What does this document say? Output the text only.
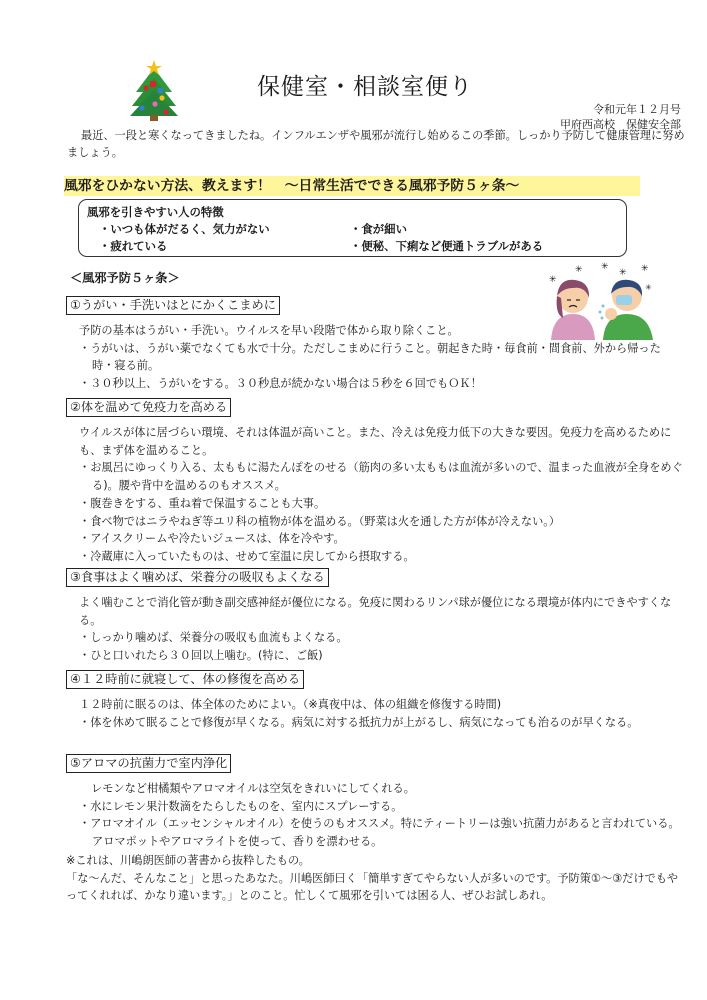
保健室・相談室便り
令和元年１２月号
甲府西高校　保健安全部
最近、一段と寒くなってきましたね。インフルエンザや風邪が流行し始めるこの季節。しっかり予防して健康管理に努めましょう。
風邪をひかない方法、教えます！　～日常生活でできる風邪予防５ヶ条～
風邪を引きやすい人の特徴
・いつも体がだるく、気力がない	・食が細い
・疲れている	・便秘、下痢など便通トラブルがある
＜風邪予防５ヶ条＞
✳ ✳
✳ ✳
✳
✳
①うがい・手洗いはとにかくこまめに

予防の基本はうがい・手洗い。ウイルスを早い段階で体から取り除くこと。

・うがいは、うがい薬でなくても水で十分。ただしこまめに行うこと。朝起きた時・毎食前・間食前、外から帰った時・寝る前。

・３０秒以上、うがいをする。３０秒息が続かない場合は５秒を６回でもＯＫ！

②体を温めて免疫力を高める

ウイルスが体に居づらい環境、それは体温が高いこと。また、冷えは免疫力低下の大きな要因。免疫力を高めるためにも、まず体を温めること。

・お風呂にゆっくり入る、太ももに湯たんぽをのせる（筋肉の多い太ももは血流が多いので、温まった血液が全身をめぐる)。腰や背中を温めるのもオススメ。

・腹巻きをする、重ね着で保温することも大事。

・食べ物ではニラやねぎ等ユリ科の植物が体を温める。（野菜は火を通した方が体が冷えない。）

・アイスクリームや冷たいジュースは、体を冷やす。

・冷蔵庫に入っていたものは、せめて室温に戻してから摂取する。

③食事はよく噛めば、栄養分の吸収もよくなる

よく噛むことで消化管が動き副交感神経が優位になる。免疫に関わるリンパ球が優位になる環境が体内にできやすくなる。

・しっかり噛めば、栄養分の吸収も血流もよくなる。

・ひと口いれたら３０回以上噛む。(特に、ご飯)

④１２時前に就寝して、体の修復を高める

１２時前に眠るのは、体全体のためによい。（※真夜中は、体の組織を修復する時間)

・体を休めて眠ることで修復が早くなる。病気に対する抵抗力が上がるし、病気になっても治るのが早くなる。

⑤アロマの抗菌力で室内浄化

レモンなど柑橘類やアロマオイルは空気をきれいにしてくれる。

・水にレモン果汁数滴をたらしたものを、室内にスプレーする。

・アロマオイル（エッセンシャルオイル）を使うのもオススメ。特にティートリーは強い抗菌力があると言われている。アロマポットやアロマライトを使って、香りを漂わせる。

※これは、川嶋朗医師の著書から抜粋したもの。

「な～んだ、そんなこと」と思ったあなた。川嶋医師曰く「簡単すぎてやらない人が多いのです。予防策①～③だけでもやってくれれば、かなり違います。」とのこと。忙しくて風邪を引いては困る人、ぜひお試しあれ。
